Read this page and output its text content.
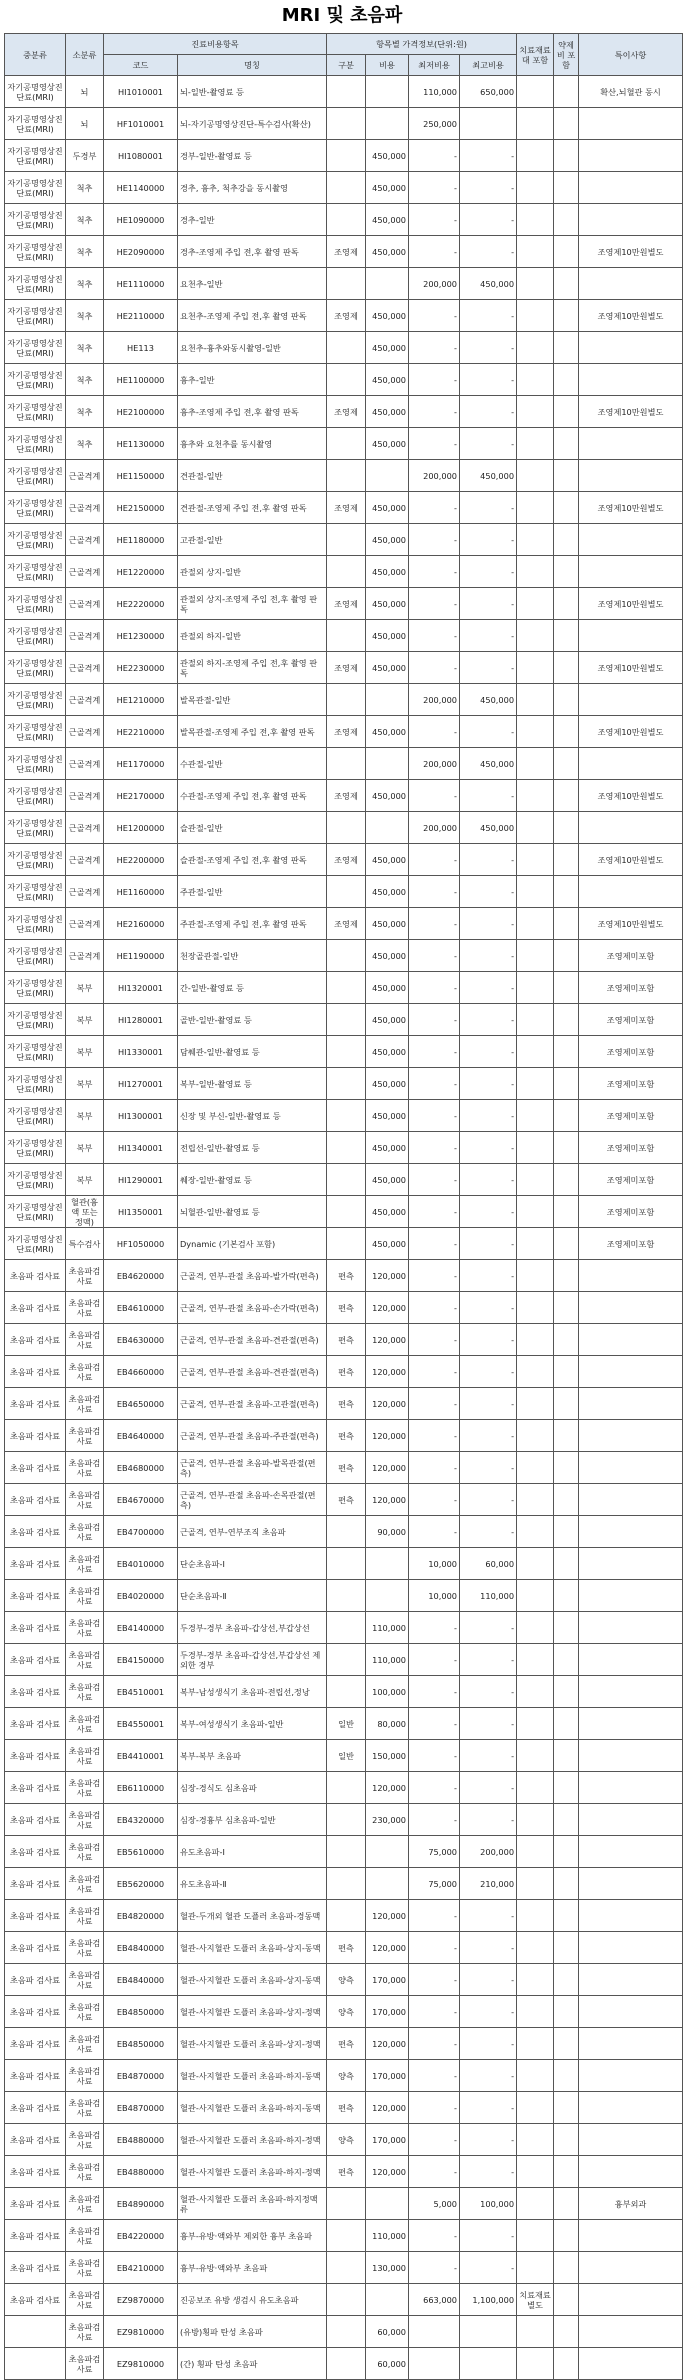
MRI 및 초음파
중분류	소분류	진료비용항목		항목별 가격정보(단위:원)				치료재료대 포함	약제비 포함	특이사항
		코드	명칭	구분	비용	최저비용	최고비용			

자기공명영상진단료(MRI)	뇌	HI1010001	뇌-일반-촬영료 등			110,000	650,000			확산,뇌혈관 동시

자기공명영상진단료(MRI)	뇌	HF1010001	뇌-자기공명영상진단-특수검사(확산)			250,000				

자기공명영상진단료(MRI)	두경부	HI1080001	경부-일반-촬영료 등		450,000	-	-			

자기공명영상진단료(MRI)	척추	HE1140000	경추, 흉추, 척추강을 동시촬영		450,000	-	-			

자기공명영상진단료(MRI)	척추	HE1090000	경추-일반		450,000	-	-			

자기공명영상진단료(MRI)	척추	HE2090000	경추-조영제 주입 전,후 촬영 판독	조영제	450,000	-	-			조영제10만원별도

자기공명영상진단료(MRI)	척추	HE1110000	요천추-일반			200,000	450,000			

자기공명영상진단료(MRI)	척추	HE2110000	요천추-조영제 주입 전,후 촬영 판독	조영제	450,000	-	-			조영제10만원별도

자기공명영상진단료(MRI)	척추	HE113	요천추-흉추와동시촬영-일반		450,000	-	-			

자기공명영상진단료(MRI)	척추	HE1100000	흉추-일반		450,000	-	-			

자기공명영상진단료(MRI)	척추	HE2100000	흉추-조영제 주입 전,후 촬영 판독	조영제	450,000	-	-			조영제10만원별도

자기공명영상진단료(MRI)	척추	HE1130000	흉추와 요천추를 동시촬영		450,000	-	-			

자기공명영상진단료(MRI)	근골격계	HE1150000	견관절-일반			200,000	450,000			

자기공명영상진단료(MRI)	근골격계	HE2150000	견관절-조영제 주입 전,후 촬영 판독	조영제	450,000	-	-			조영제10만원별도

자기공명영상진단료(MRI)	근골격계	HE1180000	고관절-일반		450,000	-	-			

자기공명영상진단료(MRI)	근골격계	HE1220000	관절외 상지-일반		450,000	-	-			

자기공명영상진단료(MRI)	근골격계	HE2220000	관절외 상지-조영제 주입 전,후 촬영 판독	조영제	450,000	-	-			조영제10만원별도

자기공명영상진단료(MRI)	근골격계	HE1230000	관절외 하지-일반		450,000	-	-			

자기공명영상진단료(MRI)	근골격계	HE2230000	관절외 하지-조영제 주입 전,후 촬영 판독	조영제	450,000	-	-			조영제10만원별도

자기공명영상진단료(MRI)	근골격계	HE1210000	발목관절-일반			200,000	450,000			

자기공명영상진단료(MRI)	근골격계	HE2210000	발목관절-조영제 주입 전,후 촬영 판독	조영제	450,000	-	-			조영제10만원별도

자기공명영상진단료(MRI)	근골격계	HE1170000	수관절-일반			200,000	450,000			

자기공명영상진단료(MRI)	근골격계	HE2170000	수관절-조영제 주입 전,후 촬영 판독	조영제	450,000	-	-			조영제10만원별도

자기공명영상진단료(MRI)	근골격계	HE1200000	슬관절-일반			200,000	450,000			

자기공명영상진단료(MRI)	근골격계	HE2200000	슬관절-조영제 주입 전,후 촬영 판독	조영제	450,000	-	-			조영제10만원별도

자기공명영상진단료(MRI)	근골격계	HE1160000	주관절-일반		450,000	-	-			

자기공명영상진단료(MRI)	근골격계	HE2160000	주관절-조영제 주입 전,후 촬영 판독	조영제	450,000	-	-			조영제10만원별도

자기공명영상진단료(MRI)	근골격계	HE1190000	천장골관절-일반		450,000	-	-			조영제미포함

자기공명영상진단료(MRI)	복부	HI1320001	간-일반-촬영료 등		450,000	-	-			조영제미포함

자기공명영상진단료(MRI)	복부	HI1280001	골반-일반-촬영료 등		450,000	-	-			조영제미포함

자기공명영상진단료(MRI)	복부	HI1330001	담췌관-일반-촬영료 등		450,000	-	-			조영제미포함

자기공명영상진단료(MRI)	복부	HI1270001	복부-일반-촬영료 등		450,000	-	-			조영제미포함

자기공명영상진단료(MRI)	복부	HI1300001	신장 및 부신-일반-촬영료 등		450,000	-	-			조영제미포함

자기공명영상진단료(MRI)	복부	HI1340001	전립선-일반-촬영료 등		450,000	-	-			조영제미포함

자기공명영상진단료(MRI)	복부	HI1290001	췌장-일반-촬영료 등		450,000	-	-			조영제미포함

자기공명영상진단료(MRI)	혈관(흉액 또는 정맥)	HI1350001	뇌혈관-일반-촬영료 등		450,000	-	-			조영제미포함

자기공명영상진단료(MRI)	특수검사	HF1050000	Dynamic (기본검사 포함)		450,000	-	-			조영제미포함

초음파 검사료	초음파검사료	EB4620000	근골격, 연부-관절 초음파-발가락(편측)	편측	120,000	-	-			

초음파 검사료	초음파검사료	EB4610000	근골격, 연부-관절 초음파-손가락(편측)	편측	120,000	-	-			

초음파 검사료	초음파검사료	EB4630000	근골격, 연부-관절 초음파-견관절(편측)	편측	120,000	-	-			

초음파 검사료	초음파검사료	EB4660000	근골격, 연부-관절 초음파-견관절(편측)	편측	120,000	-	-			

초음파 검사료	초음파검사료	EB4650000	근골격, 연부-관절 초음파-고관절(편측)	편측	120,000	-	-			

초음파 검사료	초음파검사료	EB4640000	근골격, 연부-관절 초음파-주관절(편측)	편측	120,000	-	-			

초음파 검사료	초음파검사료	EB4680000	근골격, 연부-관절 초음파-발목관절(편측)	편측	120,000	-	-			

초음파 검사료	초음파검사료	EB4670000	근골격, 연부-관절 초음파-손목관절(편측)	편측	120,000	-	-			

초음파 검사료	초음파검사료	EB4700000	근골격, 연부-연부조직 초음파		90,000	-	-			

초음파 검사료	초음파검사료	EB4010000	단순초음파-Ⅰ			10,000	60,000			

초음파 검사료	초음파검사료	EB4020000	단순초음파-Ⅱ			10,000	110,000			

초음파 검사료	초음파검사료	EB4140000	두경부-경부 초음파-갑상선,부갑상선		110,000	-	-			

초음파 검사료	초음파검사료	EB4150000	두경부-경부 초음파-갑상선,부갑상선 제외한 경부		110,000	-	-			

초음파 검사료	초음파검사료	EB4510001	복부-남성생식기 초음파-전립선,정낭		100,000	-	-			

초음파 검사료	초음파검사료	EB4550001	복부-여성생식기 초음파-일반	일반	80,000	-	-			

초음파 검사료	초음파검사료	EB4410001	복부-복부 초음파	일반	150,000	-	-			

초음파 검사료	초음파검사료	EB6110000	심장-경식도 심초음파		120,000	-	-			

초음파 검사료	초음파검사료	EB4320000	심장-경흉부 심초음파-일반		230,000	-	-			

초음파 검사료	초음파검사료	EB5610000	유도초음파-Ⅰ			75,000	200,000			

초음파 검사료	초음파검사료	EB5620000	유도초음파-Ⅱ			75,000	210,000			

초음파 검사료	초음파검사료	EB4820000	혈관-두개외 혈관 도플러 초음파-경동맥		120,000	-	-			

초음파 검사료	초음파검사료	EB4840000	혈관-사지혈관 도플러 초음파-상지-동맥	편측	120,000	-	-			

초음파 검사료	초음파검사료	EB4840000	혈관-사지혈관 도플러 초음파-상지-동맥	양측	170,000	-	-			

초음파 검사료	초음파검사료	EB4850000	혈관-사지혈관 도플러 초음파-상지-정맥	양측	170,000	-	-			

초음파 검사료	초음파검사료	EB4850000	혈관-사지혈관 도플러 초음파-상지-정맥	편측	120,000	-	-			

초음파 검사료	초음파검사료	EB4870000	혈관-사지혈관 도플러 초음파-하지-동맥	양측	170,000	-	-			

초음파 검사료	초음파검사료	EB4870000	혈관-사지혈관 도플러 초음파-하지-동맥	편측	120,000	-	-			

초음파 검사료	초음파검사료	EB4880000	혈관-사지혈관 도플러 초음파-하지-정맥	양측	170,000	-	-			

초음파 검사료	초음파검사료	EB4880000	혈관-사지혈관 도플러 초음파-하지-정맥	편측	120,000	-	-			

초음파 검사료	초음파검사료	EB4890000	혈관-사지혈관 도플러 초음파-하지정맥류			5,000	100,000			흉부외과

초음파 검사료	초음파검사료	EB4220000	흉부-유방·액와부 제외한 흉부 초음파		110,000	-	-			

초음파 검사료	초음파검사료	EB4210000	흉부-유방·액와부 초음파		130,000	-	-			

초음파 검사료	초음파검사료	EZ9870000	진공보조 유방 생검시 유도초음파			663,000	1,100,000	치료재료별도		

	초음파검사료	EZ9810000	(유방)횡파 탄성 초음파		60,000					

	초음파검사료	EZ9810000	(간) 횡파 탄성 초음파		60,000					
